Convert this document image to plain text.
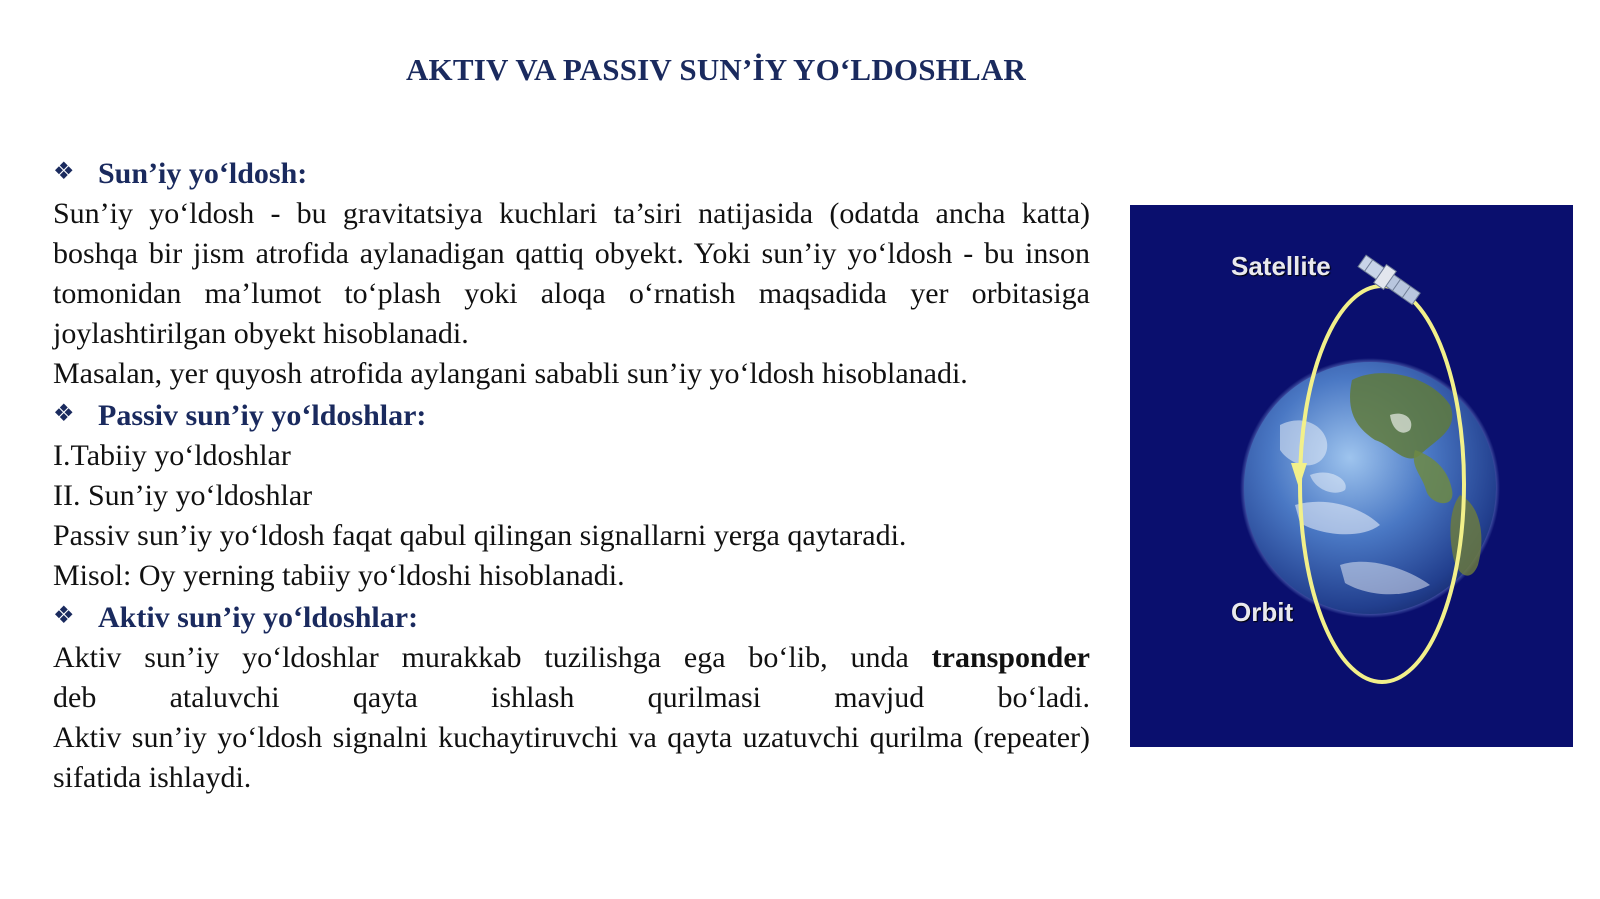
AKTIV VA PASSIV SUN’İY YO‘LDOSHLAR

❖ Sun’iy yo‘ldosh:

Sun’iy yo‘ldosh - bu gravitatsiya kuchlari ta’siri natijasida (odatda ancha katta) boshqa bir jism atrofida aylanadigan qattiq obyekt. Yoki sun’iy yo‘ldosh - bu inson tomonidan ma’lumot to‘plash yoki aloqa o‘rnatish maqsadida yer orbitasiga joylashtirilgan obyekt hisoblanadi.

Masalan, yer quyosh atrofida aylangani sababli sun’iy yo‘ldosh hisoblanadi.

❖ Passiv sun’iy yo‘ldoshlar:

I.Tabiiy yo‘ldoshlar

II. Sun’iy yo‘ldoshlar

Passiv sun’iy yo‘ldosh faqat qabul qilingan signallarni yerga qaytaradi.

Misol: Oy yerning tabiiy yo‘ldoshi hisoblanadi.

❖ Aktiv sun’iy yo‘ldoshlar:

Aktiv sun’iy yo‘ldoshlar murakkab tuzilishga ega bo‘lib, unda transponder

deb ataluvchi qayta ishlash qurilmasi mavjud bo‘ladi.

Aktiv sun’iy yo‘ldosh signalni kuchaytiruvchi va qayta uzatuvchi qurilma (repeater) sifatida ishlaydi.

Satellite
Orbit
